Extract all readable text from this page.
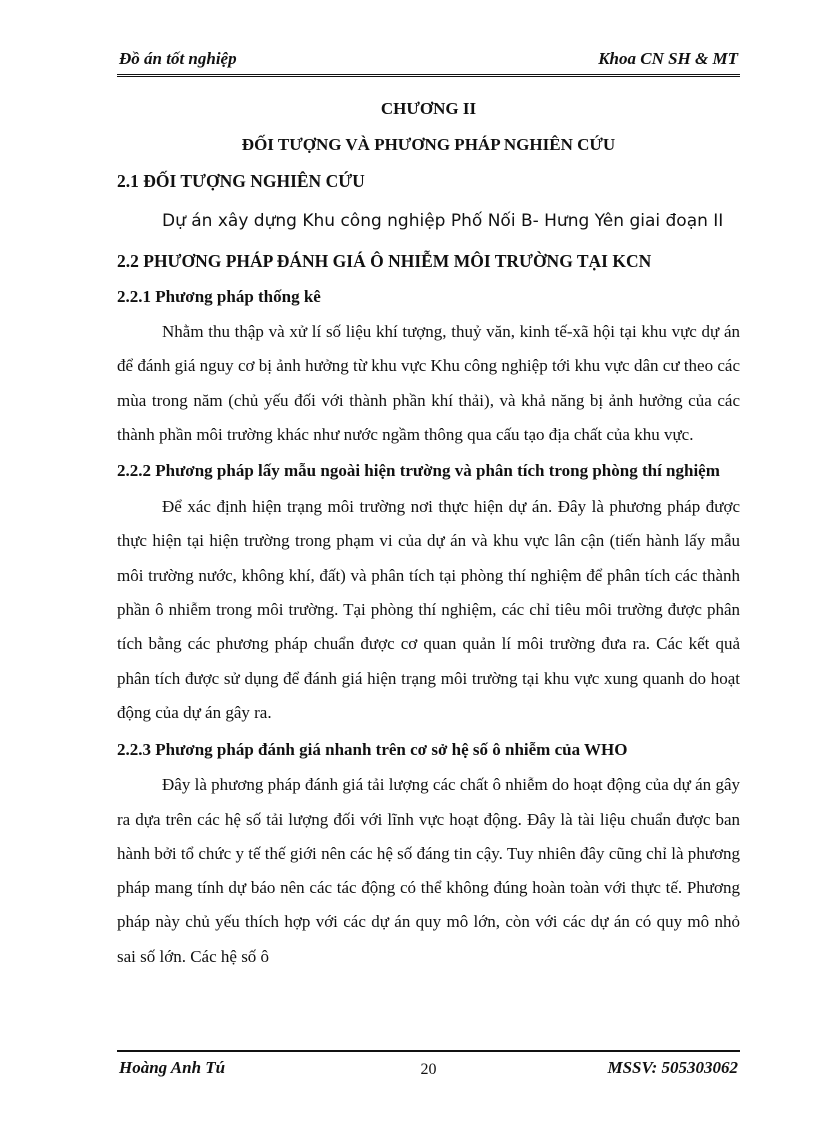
Đồ án tốt nghiệp	Khoa CN SH & MT

CHƯƠNG II

ĐỐI TƯỢNG VÀ PHƯƠNG PHÁP NGHIÊN CỨU

2.1 ĐỐI TƯỢNG NGHIÊN CỨU

Dự án xây dựng Khu công nghiệp Phố Nối B- Hưng Yên giai đoạn II

2.2 PHƯƠNG PHÁP ĐÁNH GIÁ Ô NHIỄM MÔI TRƯỜNG TẠI KCN

2.2.1 Phương pháp thống kê

Nhằm thu thập và xử lí số liệu khí tượng, thuỷ văn, kinh tế-xã hội tại khu vực dự án để đánh giá nguy cơ bị ảnh hưởng từ khu vực Khu công nghiệp tới khu vực dân cư theo các mùa trong năm (chủ yếu đối với thành phần khí thải), và khả năng bị ảnh hưởng của các thành phần môi trường khác như nước ngầm thông qua cấu tạo địa chất của khu vực.

2.2.2 Phương pháp lấy mẫu ngoài hiện trường và phân tích trong phòng thí nghiệm

Để xác định hiện trạng môi trường nơi thực hiện dự án. Đây là phương pháp được thực hiện tại hiện trường trong phạm vi của dự án và khu vực lân cận (tiến hành lấy mẫu môi trường nước, không khí, đất) và phân tích tại phòng thí nghiệm để phân tích các thành phần ô nhiễm trong môi trường. Tại phòng thí nghiệm, các chỉ tiêu môi trường được phân tích bằng các phương pháp chuẩn được cơ quan quản lí môi trường đưa ra. Các kết quả phân tích được sử dụng để đánh giá hiện trạng môi trường tại khu vực xung quanh do hoạt động của dự án gây ra.

2.2.3 Phương pháp đánh giá nhanh trên cơ sở hệ số ô nhiễm của WHO

Đây là phương pháp đánh giá tải lượng các chất ô nhiễm do hoạt động của dự án gây ra dựa trên các hệ số tải lượng đối với lĩnh vực hoạt động. Đây là tài liệu chuẩn được ban hành bởi tổ chức y tế thế giới nên các hệ số đáng tin cậy. Tuy nhiên đây cũng chỉ là phương pháp mang tính dự báo nên các tác động có thể không đúng hoàn toàn với thực tế. Phương pháp này chủ yếu thích hợp với các dự án quy mô lớn, còn với các dự án có quy mô nhỏ sai số lớn. Các hệ số ô

Hoàng Anh Tú	20	MSSV: 505303062
